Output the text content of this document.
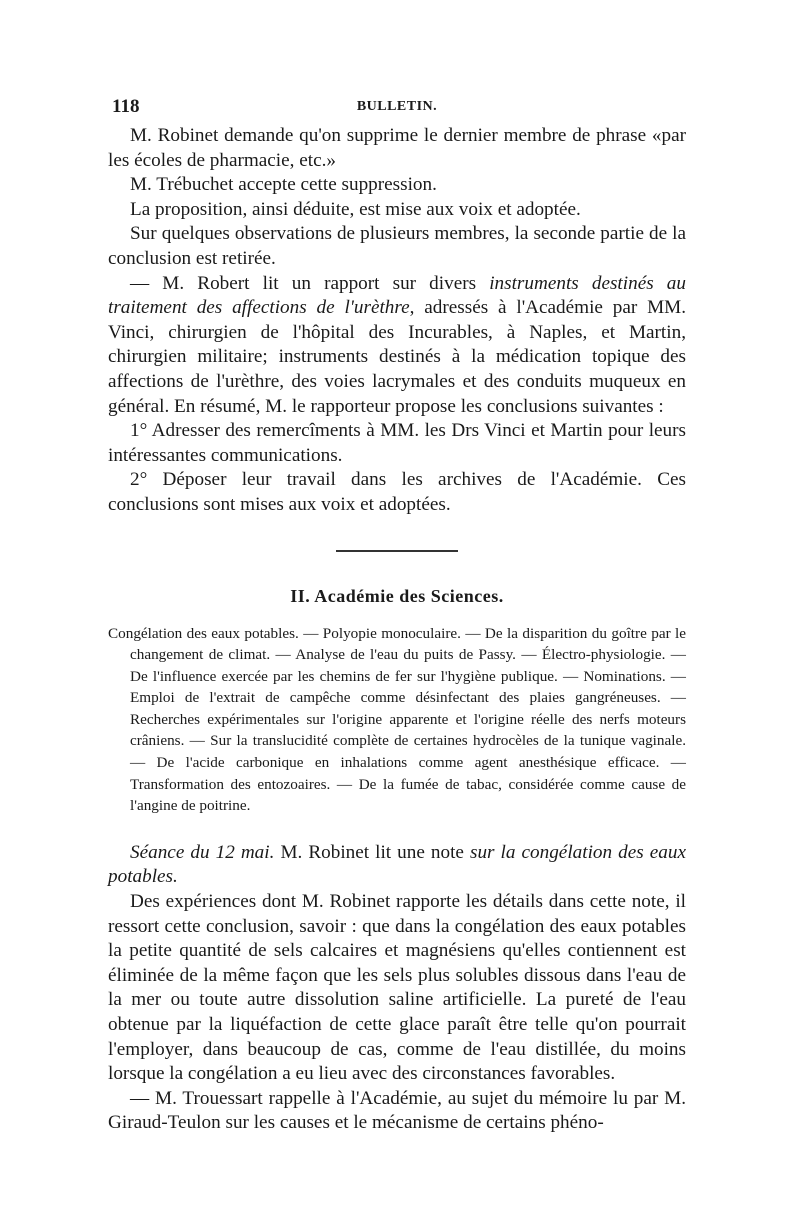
118	BULLETIN.

M. Robinet demande qu'on supprime le dernier membre de phrase «par les écoles de pharmacie, etc.»

M. Trébuchet accepte cette suppression.

La proposition, ainsi déduite, est mise aux voix et adoptée.

Sur quelques observations de plusieurs membres, la seconde partie de la conclusion est retirée.

— M. Robert lit un rapport sur divers instruments destinés au traitement des affections de l'urèthre, adressés à l'Académie par MM. Vinci, chirurgien de l'hôpital des Incurables, à Naples, et Martin, chirurgien militaire; instruments destinés à la médication topique des affections de l'urèthre, des voies lacrymales et des conduits muqueux en général. En résumé, M. le rapporteur propose les conclusions suivantes :

1° Adresser des remercîments à MM. les Drs Vinci et Martin pour leurs intéressantes communications.

2° Déposer leur travail dans les archives de l'Académie. Ces conclusions sont mises aux voix et adoptées.

II. Académie des Sciences.

Congélation des eaux potables. — Polyopie monoculaire. — De la disparition du goître par le changement de climat. — Analyse de l'eau du puits de Passy. — Électro-physiologie. — De l'influence exercée par les chemins de fer sur l'hygiène publique. — Nominations. — Emploi de l'extrait de campêche comme désinfectant des plaies gangréneuses. — Recherches expérimentales sur l'origine apparente et l'origine réelle des nerfs moteurs crâniens. — Sur la translucidité complète de certaines hydrocèles de la tunique vaginale. — De l'acide carbonique en inhalations comme agent anesthésique efficace. — Transformation des entozoaires. — De la fumée de tabac, considérée comme cause de l'angine de poitrine.

Séance du 12 mai. M. Robinet lit une note sur la congélation des eaux potables.

Des expériences dont M. Robinet rapporte les détails dans cette note, il ressort cette conclusion, savoir : que dans la congélation des eaux potables la petite quantité de sels calcaires et magnésiens qu'elles contiennent est éliminée de la même façon que les sels plus solubles dissous dans l'eau de la mer ou toute autre dissolution saline artificielle. La pureté de l'eau obtenue par la liquéfaction de cette glace paraît être telle qu'on pourrait l'employer, dans beaucoup de cas, comme de l'eau distillée, du moins lorsque la congélation a eu lieu avec des circonstances favorables.

— M. Trouessart rappelle à l'Académie, au sujet du mémoire lu par M. Giraud-Teulon sur les causes et le mécanisme de certains phéno-
